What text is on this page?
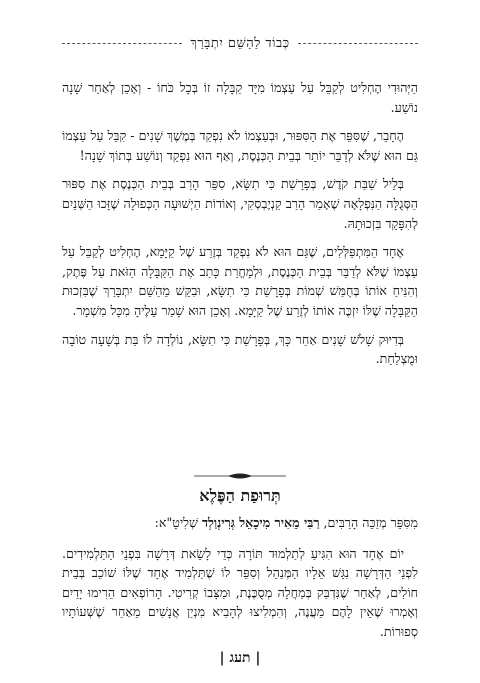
כְּבוֹד לַהַשֵּׁם יִתְבָּרַךְ

הַיְּהוּדִי הֶחְלִיט לְקַבֵּל עַל עַצְמוֹ מִיָּד קַבָּלָה זוֹ בְּכָל כֹּחוֹ - וְאָכֵן לְאַחַר שָׁנָה נוֹשַׁע.

הֶחָבֵר, שֶׁסִּפֵּר אֶת הַסִּפּוּר, וּבְעַצְמוֹ לֹא נִפְקַד בְּמֶשֶׁךְ שָׁנִים - קִבֵּל עַל עַצְמוֹ גַּם הוּא שֶׁלֹּא לְדַבֵּר יוֹתֵר בְּבֵית הַכְּנֶסֶת, וְאַף הוּא נִפְקַד וְנוֹשַׁע בְּתוֹךְ שָׁנָה!

בְּלֵיל שַׁבַּת קֹדֶשׁ, בְּפָרָשַׁת כִּי תִשָּׂא, סִפֵּר הָרַב בְּבֵית הַכְּנֶסֶת אֶת סִפּוּר הַסְּגֻלָּה הַנִּפְלָאָה שֶׁאָמַר הָרַב קַנְיֶבְסְקִי, וְאוֹדוֹת הַיְשׁוּעָה הַכְּפוּלָה שֶׁזָּכוּ הַשְּׁנַיִם לְהִפָּקֵד בִּזְכוּתָהּ.

אֶחָד הַמִּתְפַּלְּלִים, שֶׁגַּם הוּא לֹא נִפְקַד בְּזֶרַע שֶׁל קַיָּמָא, הֶחְלִיט לְקַבֵּל עַל עַצְמוֹ שֶׁלֹּא לְדַבֵּר בְּבֵית הַכְּנֶסֶת, וּלְמָחֳרַת כָּתַב אֶת הַקַּבָּלָה הַזֹּאת עַל פֶּתֶק, וְהִנִּיחַ אוֹתוֹ בְּחֻמַּשׁ שְׁמוֹת בְּפָרָשַׁת כִּי תִשָּׂא, וּבִקֵּשׁ מֵהַשֵּׁם יִתְבָּרַךְ שֶׁבִּזְכוּת הַקַּבָּלָה שֶׁלּוֹ יִזְכֶּה אוֹתוֹ לְזֶרַע שֶׁל קַיָּמָא. וְאָכֵן הוּא שָׁמַר עָלֶיהָ מִכָּל מִשְׁמָר.

בְּדִיּוּק שָׁלֹשׁ שָׁנִים אַחַר כָּךְ, בְּפָרָשַׁת כִּי תִשָּׂא, נוֹלְדָה לוֹ בַּת בְּשָׁעָה טוֹבָה וּמֻצְלַחַת.

תְּרוּפַת הַפֶּלֶא

מִסִּפֵּר מְזַכֵּה הָרַבִּים, רַבִּי מֵאִיר מִיכָאֵל גְּרִינְוַלְד שְׁלִיטָ"א:

יוֹם אֶחָד הוּא הִגִּיעַ לְתַלְמוּד תּוֹרָה כְּדֵי לָשֵׂאת דְּרָשָׁה בִּפְנֵי הַתַּלְמִידִים. לִפְנֵי הַדְּרָשָׁה נִגַּשׁ אֵלָיו הַמְּנַהֵל וְסִפֵּר לוֹ שֶׁתַּלְמִיד אֶחָד שֶׁלּוֹ שׁוֹכֵב בְּבֵית חוֹלִים, לְאַחַר שֶׁנִּדְבַּק בְּמַחֲלָה מְסֻכֶּנֶת, וּמַצָּבוֹ קְרִיטִי. הָרוֹפְאִים הֵרִימוּ יָדַיִם וְאָמְרוּ שֶׁאֵין לָהֶם מַעֲנֶה, וְהִמְלִיצוּ לְהָבִיא מִנְיַן אֲנָשִׁים מֵאַחַר שֶׁשְּׁעוֹתָיו סְפוּרוֹת.

| תעג |
